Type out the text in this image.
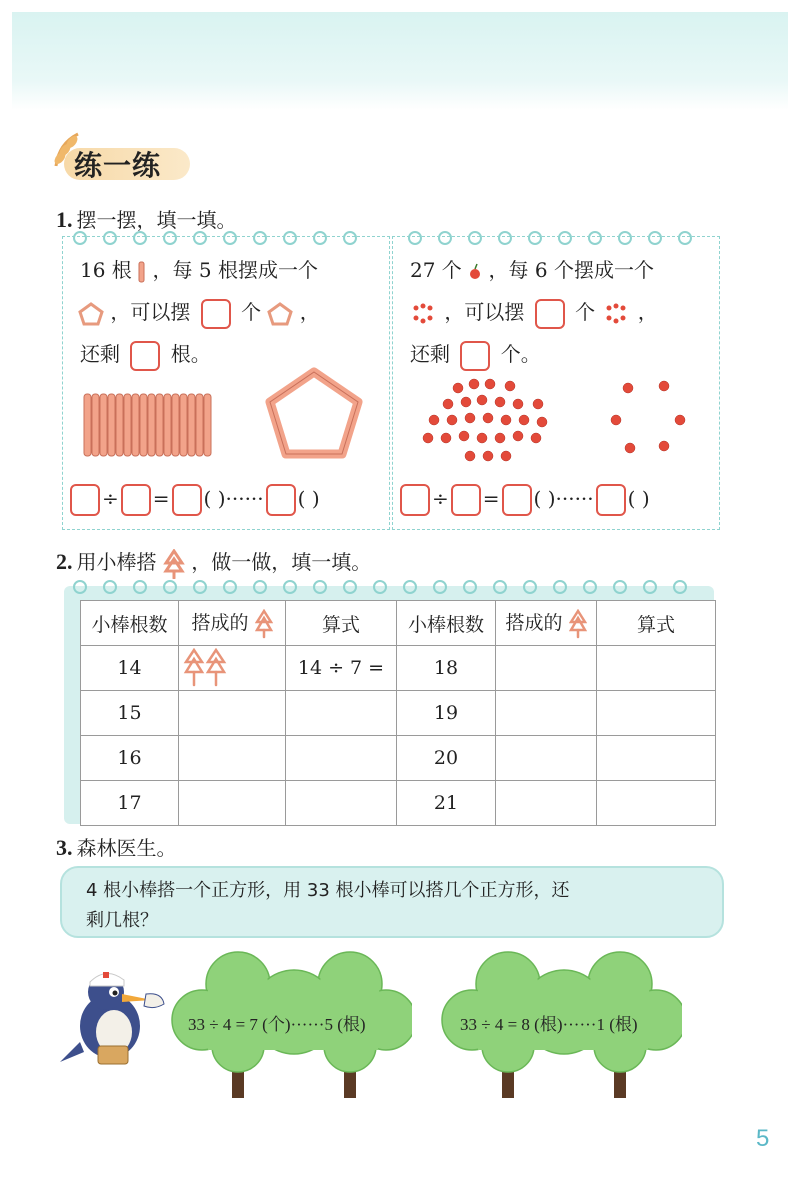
练一练
1. 摆一摆，填一填。
16 根 ，每 5 根摆成一个
，可以摆	个 ，
还剩	根。
÷ = ( )······ ( )
27 个 ，每 6 个摆成一个
，可以摆	个 ，
还剩	个。
÷ = ( )······ ( )
2. 用小棒搭 ，做一做，填一填。
小棒根数	搭成的	算式	小棒根数	搭成的	算式
14		14 ÷ 7 =	18		
15			19		
16			20		
17			21		
3. 森林医生。
4 根小棒搭一个正方形，用 33 根小棒可以搭几个正方形，还
剩几根？
33 ÷ 4 = 7 (个)······5 (根)	33 ÷ 4 = 8 (根)······1 (根)
5
